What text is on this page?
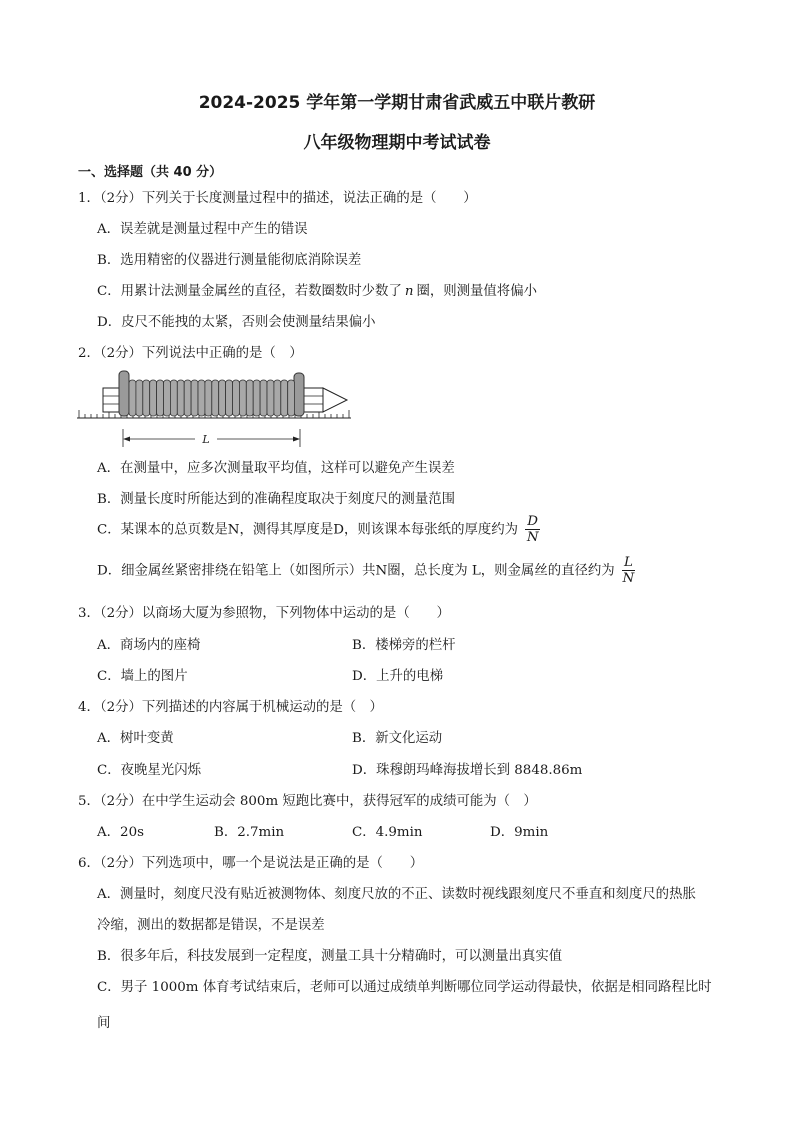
2024-2025 学年第一学期甘肃省武威五中联片教研
八年级物理期中考试试卷
一、选择题（共 40 分）
1．（2分）下列关于长度测量过程中的描述，说法正确的是（　　）
A．误差就是测量过程中产生的错误
B．选用精密的仪器进行测量能彻底消除误差
C．用累计法测量金属丝的直径，若数圈数时少数了 n 圈，则测量值将偏小
D．皮尺不能拽的太紧，否则会使测量结果偏小
2．（2分）下列说法中正确的是（　）
L
A．在测量中，应多次测量取平均值，这样可以避免产生误差
B．测量长度时所能达到的准确程度取决于刻度尺的测量范围
C．某课本的总页数是N，测得其厚度是D，则该课本每张纸的厚度约为 $\frac{D}{N}$
D．细金属丝紧密排绕在铅笔上（如图所示）共N圈，总长度为 L，则金属丝的直径约为 $\frac{L}{N}$
3．（2分）以商场大厦为参照物，下列物体中运动的是（　　）
A．商场内的座椅	B．楼梯旁的栏杆
C．墙上的图片	D．上升的电梯
4．（2分）下列描述的内容属于机械运动的是（　）
A．树叶变黄	B．新文化运动
C．夜晚星光闪烁	D．珠穆朗玛峰海拔增长到 8848.86m
5．（2分）在中学生运动会 800m 短跑比赛中，获得冠军的成绩可能为（　）
A．20s	B．2.7min	C．4.9min	D．9min
6．（2分）下列选项中，哪一个是说法是正确的是（　　）
A．测量时，刻度尺没有贴近被测物体、刻度尺放的不正、读数时视线跟刻度尺不垂直和刻度尺的热胀
冷缩，测出的数据都是错误，不是误差
B．很多年后，科技发展到一定程度，测量工具十分精确时，可以测量出真实值
C．男子 1000m 体育考试结束后，老师可以通过成绩单判断哪位同学运动得最快，依据是相同路程比时
间
